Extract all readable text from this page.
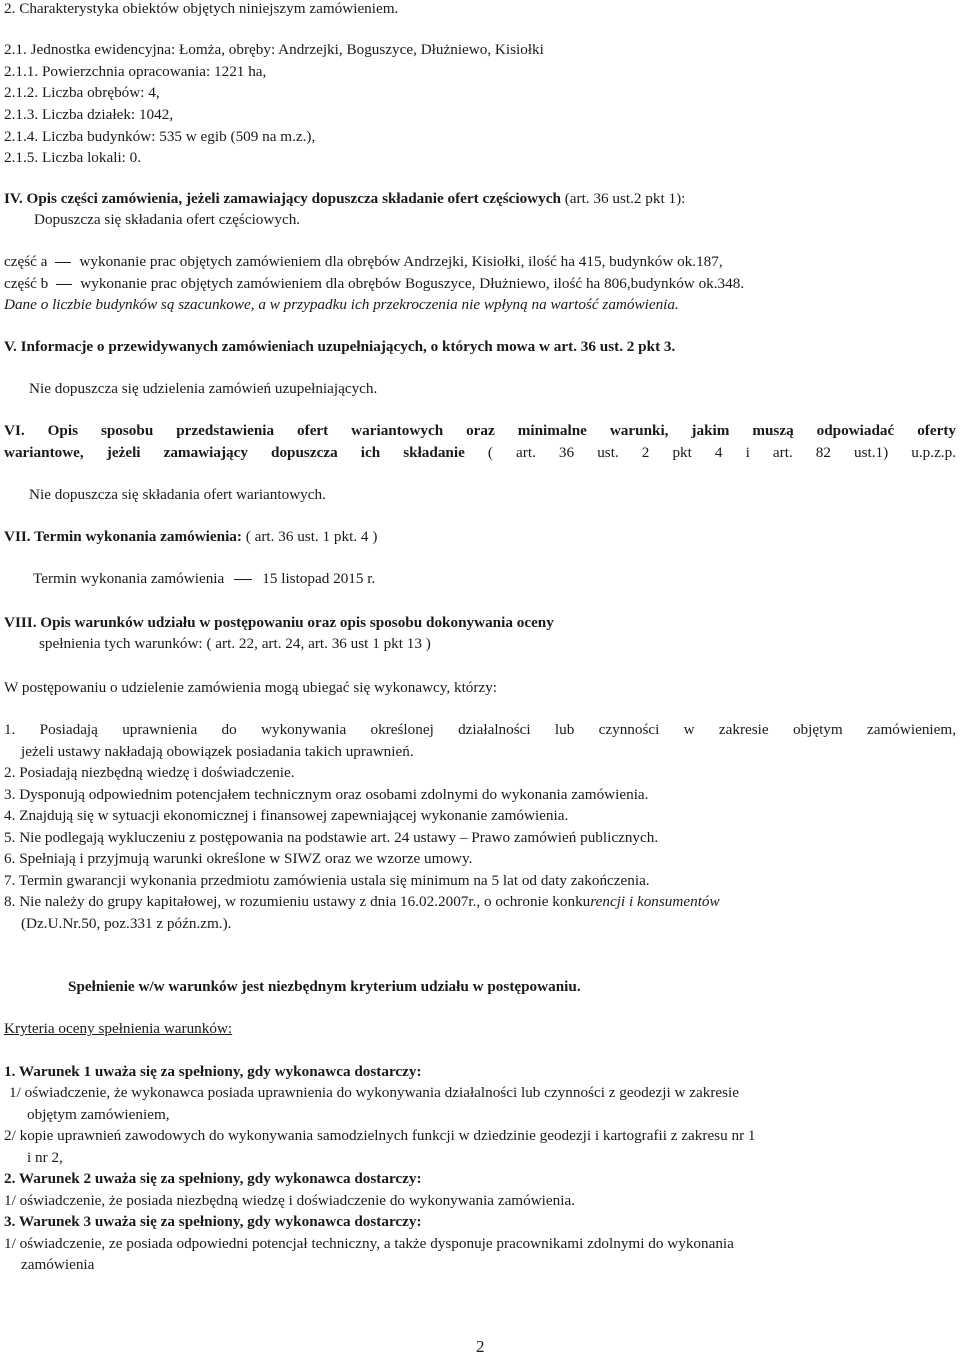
2. Charakterystyka obiektów objętych niniejszym zamówieniem.
2.1. Jednostka ewidencyjna: Łomża, obręby: Andrzejki, Boguszyce, Dłużniewo, Kisiołki
2.1.1. Powierzchnia opracowania: 1221 ha,
2.1.2. Liczba obrębów: 4,
2.1.3. Liczba działek: 1042,
2.1.4. Liczba budynków: 535 w egib (509 na m.z.),
2.1.5. Liczba lokali: 0.
IV. Opis części zamówienia, jeżeli zamawiający dopuszcza składanie ofert częściowych (art. 36 ust.2 pkt 1):
Dopuszcza się składania ofert częściowych.
część a wykonanie prac objętych zamówieniem dla obrębów Andrzejki, Kisiołki, ilość ha 415, budynków ok.187,
część b wykonanie prac objętych zamówieniem dla obrębów Boguszyce, Dłużniewo, ilość ha 806,budynków ok.348.
Dane o liczbie budynków są szacunkowe, a w przypadku ich przekroczenia nie wpłyną na wartość zamówienia.
V. Informacje o przewidywanych zamówieniach uzupełniających, o których mowa w art. 36 ust. 2 pkt 3.
Nie dopuszcza się udzielenia zamówień uzupełniających.
VI. Opis sposobu przedstawienia ofert wariantowych oraz minimalne warunki, jakim muszą odpowiadać oferty
wariantowe, jeżeli zamawiający dopuszcza ich składanie ( art. 36 ust. 2 pkt 4 i art. 82 ust.1) u.p.z.p.
Nie dopuszcza się składania ofert wariantowych.
VII. Termin wykonania zamówienia: ( art. 36 ust. 1 pkt. 4 )
Termin wykonania zamówienia	15 listopad 2015 r.
VIII. Opis warunków udziału w postępowaniu oraz opis sposobu dokonywania oceny
spełnienia tych warunków: ( art. 22, art. 24, art. 36 ust 1 pkt 13 )
W postępowaniu o udzielenie zamówienia mogą ubiegać się wykonawcy, którzy:
1. Posiadają uprawnienia do wykonywania określonej działalności lub czynności w zakresie objętym zamówieniem,
jeżeli ustawy nakładają obowiązek posiadania takich uprawnień.
2. Posiadają niezbędną wiedzę i doświadczenie.
3. Dysponują odpowiednim potencjałem technicznym oraz osobami zdolnymi do wykonania zamówienia.
4. Znajdują się w sytuacji ekonomicznej i finansowej zapewniającej wykonanie zamówienia.
5. Nie podlegają wykluczeniu z postępowania na podstawie art. 24 ustawy – Prawo zamówień publicznych.
6. Spełniają i przyjmują warunki określone w SIWZ oraz we wzorze umowy.
7. Termin gwarancji wykonania przedmiotu zamówienia ustala się minimum na 5 lat od daty zakończenia.
8. Nie należy do grupy kapitałowej, w rozumieniu ustawy z dnia 16.02.2007r., o ochronie konkurencji i konsumentów
(Dz.U.Nr.50, poz.331 z późn.zm.).
Spełnienie w/w warunków jest niezbędnym kryterium udziału w postępowaniu.
Kryteria oceny spełnienia warunków:
1. Warunek 1 uważa się za spełniony, gdy wykonawca dostarczy:
1/ oświadczenie, że wykonawca posiada uprawnienia do wykonywania działalności lub czynności z geodezji w zakresie
objętym zamówieniem,
2/ kopie uprawnień zawodowych do wykonywania samodzielnych funkcji w dziedzinie geodezji i kartografii z zakresu nr 1
i nr 2,
2. Warunek 2 uważa się za spełniony, gdy wykonawca dostarczy:
1/ oświadczenie, że posiada niezbędną wiedzę i doświadczenie do wykonywania zamówienia.
3. Warunek 3 uważa się za spełniony, gdy wykonawca dostarczy:
1/ oświadczenie, ze posiada odpowiedni potencjał techniczny, a także dysponuje pracownikami zdolnymi do wykonania
zamówienia
2
